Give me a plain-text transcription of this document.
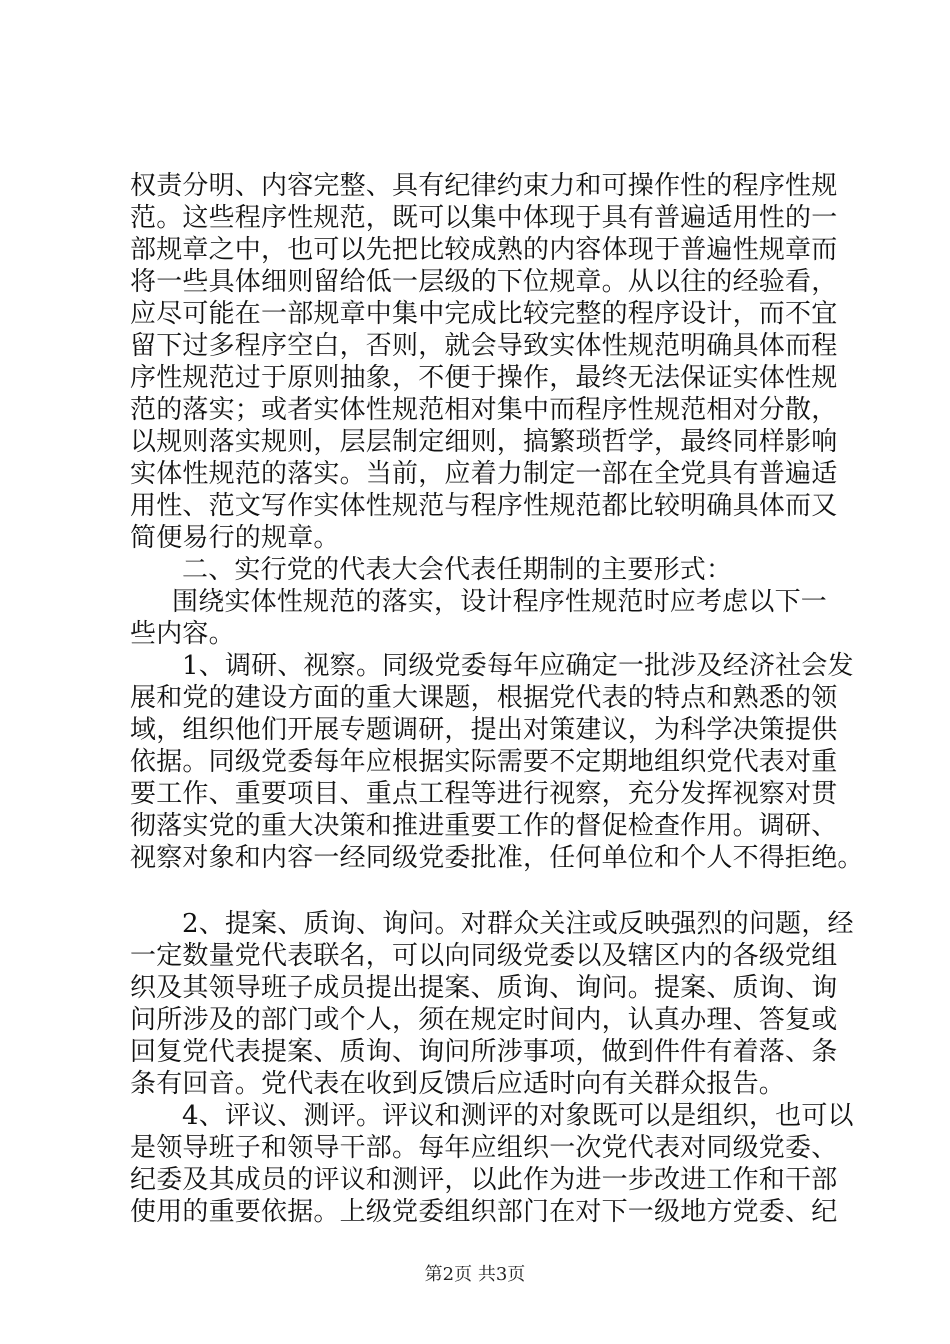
权责分明、内容完整、具有纪律约束力和可操作性的程序性规
范。这些程序性规范，既可以集中体现于具有普遍适用性的一
部规章之中，也可以先把比较成熟的内容体现于普遍性规章而
将一些具体细则留给低一层级的下位规章。从以往的经验看，
应尽可能在一部规章中集中完成比较完整的程序设计，而不宜
留下过多程序空白，否则，就会导致实体性规范明确具体而程
序性规范过于原则抽象，不便于操作，最终无法保证实体性规
范的落实；或者实体性规范相对集中而程序性规范相对分散，
以规则落实规则，层层制定细则，搞繁琐哲学，最终同样影响
实体性规范的落实。当前，应着力制定一部在全党具有普遍适
用性、范文写作实体性规范与程序性规范都比较明确具体而又
简便易行的规章。
二、实行党的代表大会代表任期制的主要形式：
围绕实体性规范的落实，设计程序性规范时应考虑以下一
些内容。
1、调研、视察。同级党委每年应确定一批涉及经济社会发
展和党的建设方面的重大课题，根据党代表的特点和熟悉的领
域，组织他们开展专题调研，提出对策建议，为科学决策提供
依据。同级党委每年应根据实际需要不定期地组织党代表对重
要工作、重要项目、重点工程等进行视察，充分发挥视察对贯
彻落实党的重大决策和推进重要工作的督促检查作用。调研、
视察对象和内容一经同级党委批准，任何单位和个人不得拒绝。
2、提案、质询、询问。对群众关注或反映强烈的问题，经
一定数量党代表联名，可以向同级党委以及辖区内的各级党组
织及其领导班子成员提出提案、质询、询问。提案、质询、询
问所涉及的部门或个人，须在规定时间内，认真办理、答复或
回复党代表提案、质询、询问所涉事项，做到件件有着落、条
条有回音。党代表在收到反馈后应适时向有关群众报告。
4、评议、测评。评议和测评的对象既可以是组织，也可以
是领导班子和领导干部。每年应组织一次党代表对同级党委、
纪委及其成员的评议和测评，以此作为进一步改进工作和干部
使用的重要依据。上级党委组织部门在对下一级地方党委、纪
第2页 共3页
